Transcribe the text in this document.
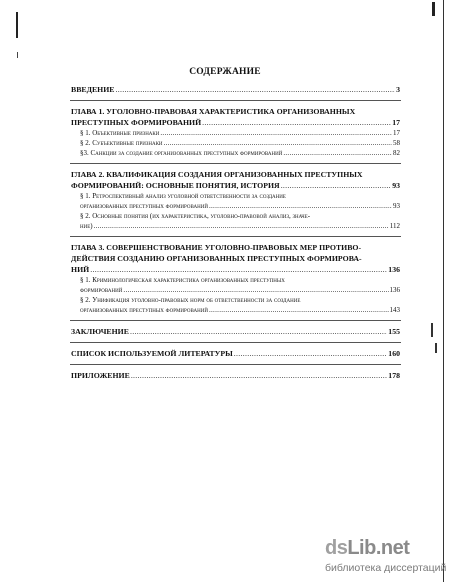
СОДЕРЖАНИЕ
ВВЕДЕНИЕ .....	3
ГЛАВА 1. УГОЛОВНО-ПРАВОВАЯ ХАРАКТЕРИСТИКА ОРГАНИЗОВАННЫХ
ПРЕСТУПНЫХ ФОРМИРОВАНИЙ .....	17
§ 1. Объективные признаки .....	17
§ 2. Субъективные признаки .....	58
§3. Санкции за создание организованных преступных формирований .....	82
ГЛАВА 2. КВАЛИФИКАЦИЯ СОЗДАНИЯ ОРГАНИЗОВАННЫХ ПРЕСТУПНЫХ
ФОРМИРОВАНИЙ: ОСНОВНЫЕ ПОНЯТИЯ, ИСТОРИЯ .....	93
§ 1. Ретроспективный анализ уголовной ответственности за создание
организованных преступных формирований .....	93
§ 2. Основные понятия (их характеристика, уголовно-правовой анализ, значе-
ние) .....	112
ГЛАВА 3. СОВЕРШЕНСТВОВАНИЕ УГОЛОВНО-ПРАВОВЫХ МЕР ПРОТИВО-
ДЕЙСТВИЯ СОЗДАНИЮ ОРГАНИЗОВАННЫХ ПРЕСТУПНЫХ ФОРМИРОВА-
НИЙ .....	136
§ 1. Криминологическая характеристика организованных преступных
формирований .....	136
§ 2. Унификация уголовно-правовых норм об ответственности за создание
организованных преступных формирований .....	143
ЗАКЛЮЧЕНИЕ .....	155
СПИСОК ИСПОЛЬЗУЕМОЙ ЛИТЕРАТУРЫ .....	160
ПРИЛОЖЕНИЕ .....	178
dsLib.net
библиотека диссертаций
